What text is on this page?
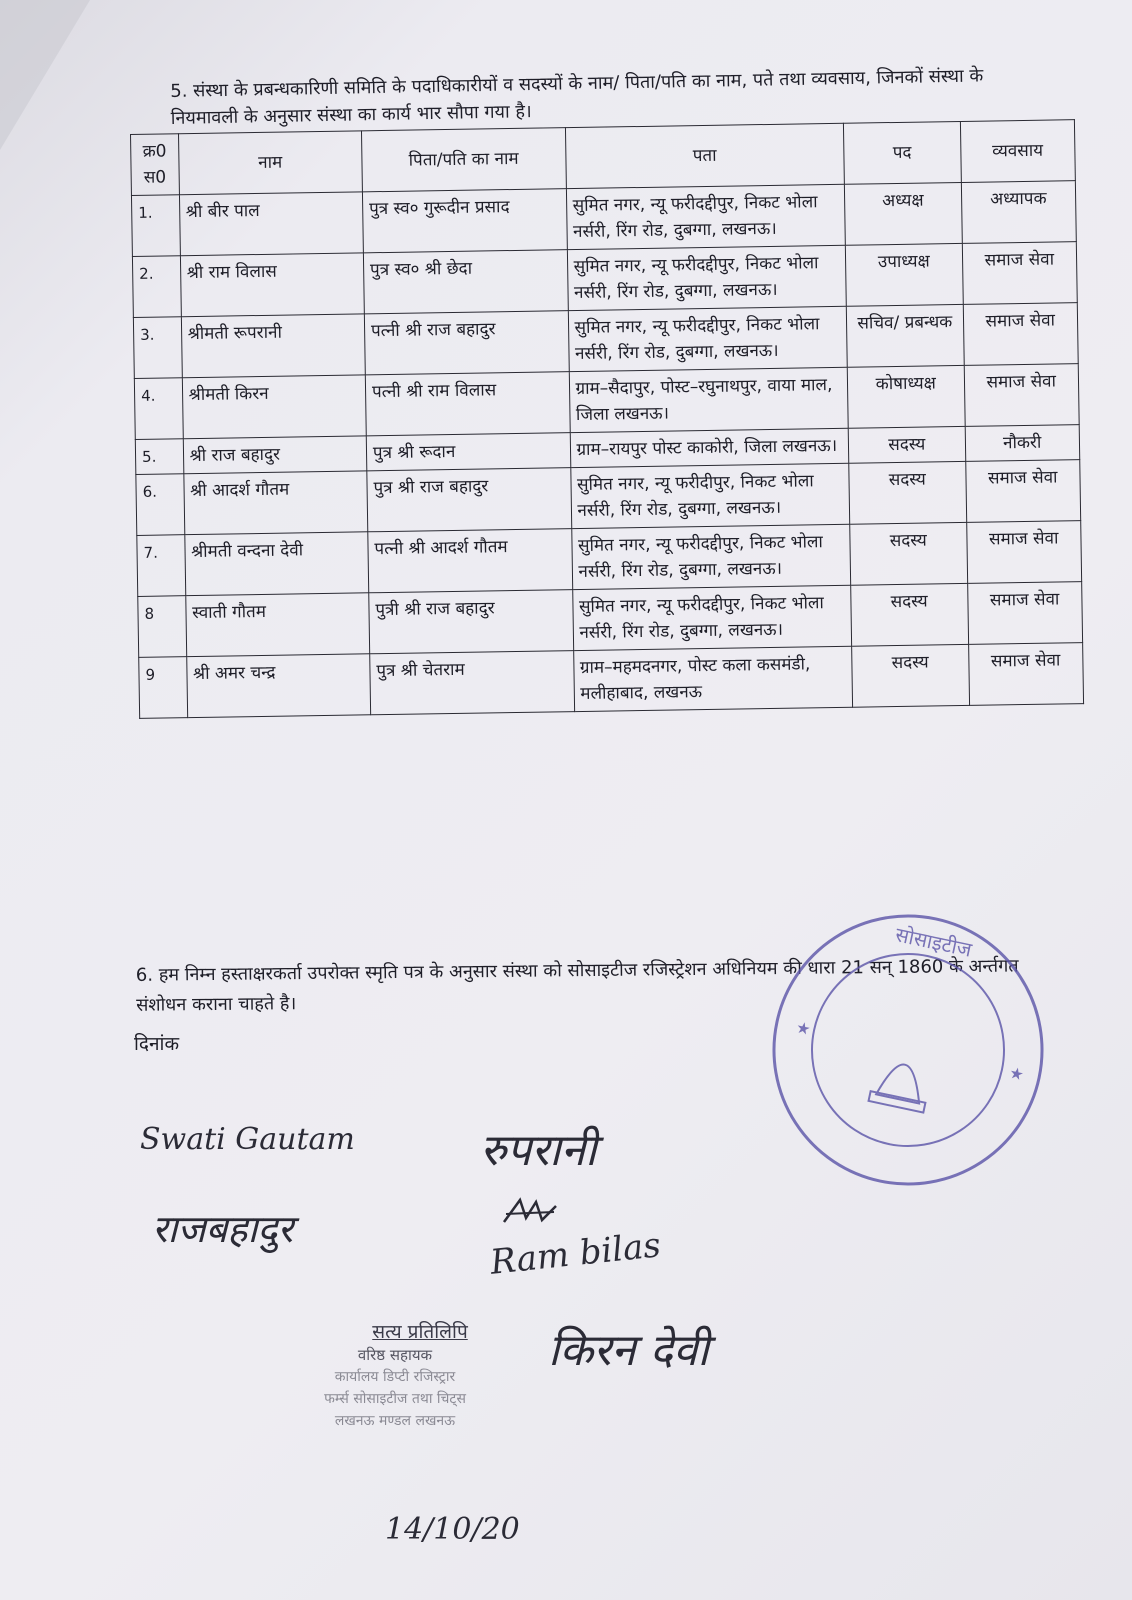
5. संस्था के प्रबन्धकारिणी समिति के पदाधिकारीयों व सदस्यों के नाम/ पिता/पति का नाम, पते तथा व्यवसाय, जिनकों संस्था के नियमावली के अनुसार संस्था का कार्य भार सौपा गया है।
क्र0 स0	नाम	पिता/पति का नाम	पता	पद	व्यवसाय
1.	श्री बीर पाल	पुत्र स्व० गुरूदीन प्रसाद	सुमित नगर, न्यू फरीदद्दीपुर, निकट भोला नर्सरी, रिंग रोड, दुबग्गा, लखनऊ।	अध्यक्ष	अध्यापक
2.	श्री राम विलास	पुत्र स्व० श्री छेदा	सुमित नगर, न्यू फरीदद्दीपुर, निकट भोला नर्सरी, रिंग रोड, दुबग्गा, लखनऊ।	उपाध्यक्ष	समाज सेवा
3.	श्रीमती रूपरानी	पत्नी श्री राज बहादुर	सुमित नगर, न्यू फरीदद्दीपुर, निकट भोला नर्सरी, रिंग रोड, दुबग्गा, लखनऊ।	सचिव/ प्रबन्धक	समाज सेवा
4.	श्रीमती किरन	पत्नी श्री राम विलास	ग्राम–सैदापुर, पोस्ट–रघुनाथपुर, वाया माल, जिला लखनऊ।	कोषाध्यक्ष	समाज सेवा
5.	श्री राज बहादुर	पुत्र श्री रूदान	ग्राम–रायपुर पोस्ट काकोरी, जिला लखनऊ।	सदस्य	नौकरी
6.	श्री आदर्श गौतम	पुत्र श्री राज बहादुर	सुमित नगर, न्यू फरीदीपुर, निकट भोला नर्सरी, रिंग रोड, दुबग्गा, लखनऊ।	सदस्य	समाज सेवा
7.	श्रीमती वन्दना देवी	पत्नी श्री आदर्श गौतम	सुमित नगर, न्यू फरीदद्दीपुर, निकट भोला नर्सरी, रिंग रोड, दुबग्गा, लखनऊ।	सदस्य	समाज सेवा
8	स्वाती गौतम	पुत्री श्री राज बहादुर	सुमित नगर, न्यू फरीदद्दीपुर, निकट भोला नर्सरी, रिंग रोड, दुबग्गा, लखनऊ।	सदस्य	समाज सेवा
9	श्री अमर चन्द्र	पुत्र श्री चेतराम	ग्राम–महमदनगर, पोस्ट कला कसमंडी, मलीहाबाद, लखनऊ	सदस्य	समाज सेवा
6. हम निम्न हस्ताक्षरकर्ता उपरोक्त स्मृति पत्र के अनुसार संस्था को सोसाइटीज रजिस्ट्रेशन अधिनियम की धारा 21 सन् 1860 के अर्न्तगत संशोधन कराना चाहते है।
दिनांक
सोसाइटीज
★
★
Swati Gautam	रुपरानी
राजबहादुर	Ram bilas
किरन देवी
सत्य प्रतिलिपि
वरिष्ठ सहायक
कार्यालय डिप्टी रजिस्ट्रार
फर्म्स सोसाइटीज तथा चिट्स
लखनऊ मण्डल लखनऊ
14/10/20
